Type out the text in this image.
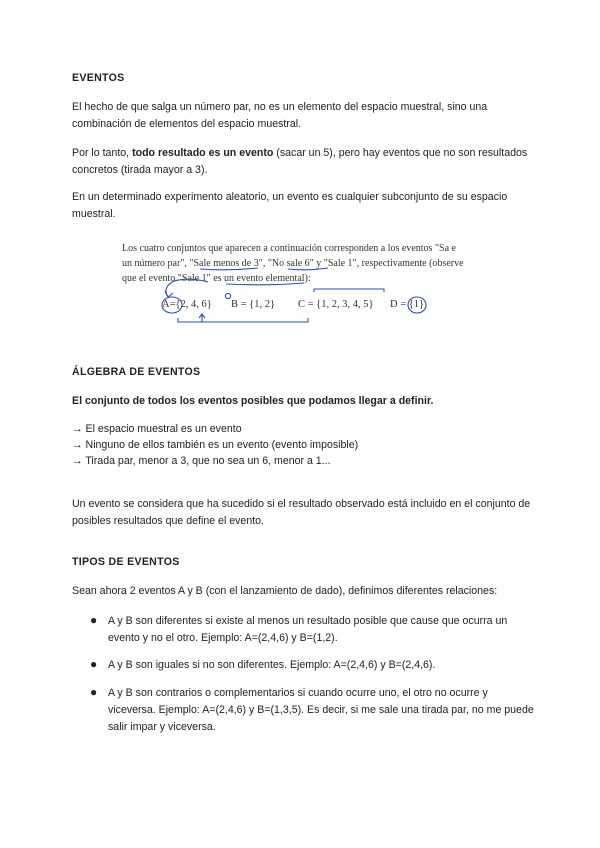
EVENTOS

El hecho de que salga un número par, no es un elemento del espacio muestral, sino una combinación de elementos del espacio muestral.

Por lo tanto, todo resultado es un evento (sacar un 5), pero hay eventos que no son resultados concretos (tirada mayor a 3).

En un determinado experimento aleatorio, un evento es cualquier subconjunto de su espacio muestral.

Los cuatro conjuntos que aparecen a continuación corresponden a los eventos "Sa e
un número par", "Sale menos de 3", "No sale 6" y "Sale 1", respectivamente (observe
que el evento "Sale 1" es un evento elemental):
A={2, 4, 6} B = {1, 2} C = {1, 2, 3, 4, 5} D = {1}

ÁLGEBRA DE EVENTOS

El conjunto de todos los eventos posibles que podamos llegar a definir.

→ El espacio muestral es un evento

→ Ninguno de ellos también es un evento (evento imposible)

→ Tirada par, menor a 3, que no sea un 6, menor a 1...

Un evento se considera que ha sucedido si el resultado observado está incluido en el conjunto de posibles resultados que define el evento.

TIPOS DE EVENTOS

Sean ahora 2 eventos A y B (con el lanzamiento de dado), definimos diferentes relaciones:

● A y B son diferentes si existe al menos un resultado posible que cause que ocurra un evento y no el otro. Ejemplo: A=(2,4,6) y B=(1,2).

● A y B son iguales si no son diferentes. Ejemplo: A=(2,4,6) y B=(2,4,6).

● A y B son contrarios o complementarios si cuando ocurre uno, el otro no ocurre y viceversa. Ejemplo: A=(2,4,6) y B=(1,3,5). Es decir, si me sale una tirada par, no me puede salir impar y viceversa.
